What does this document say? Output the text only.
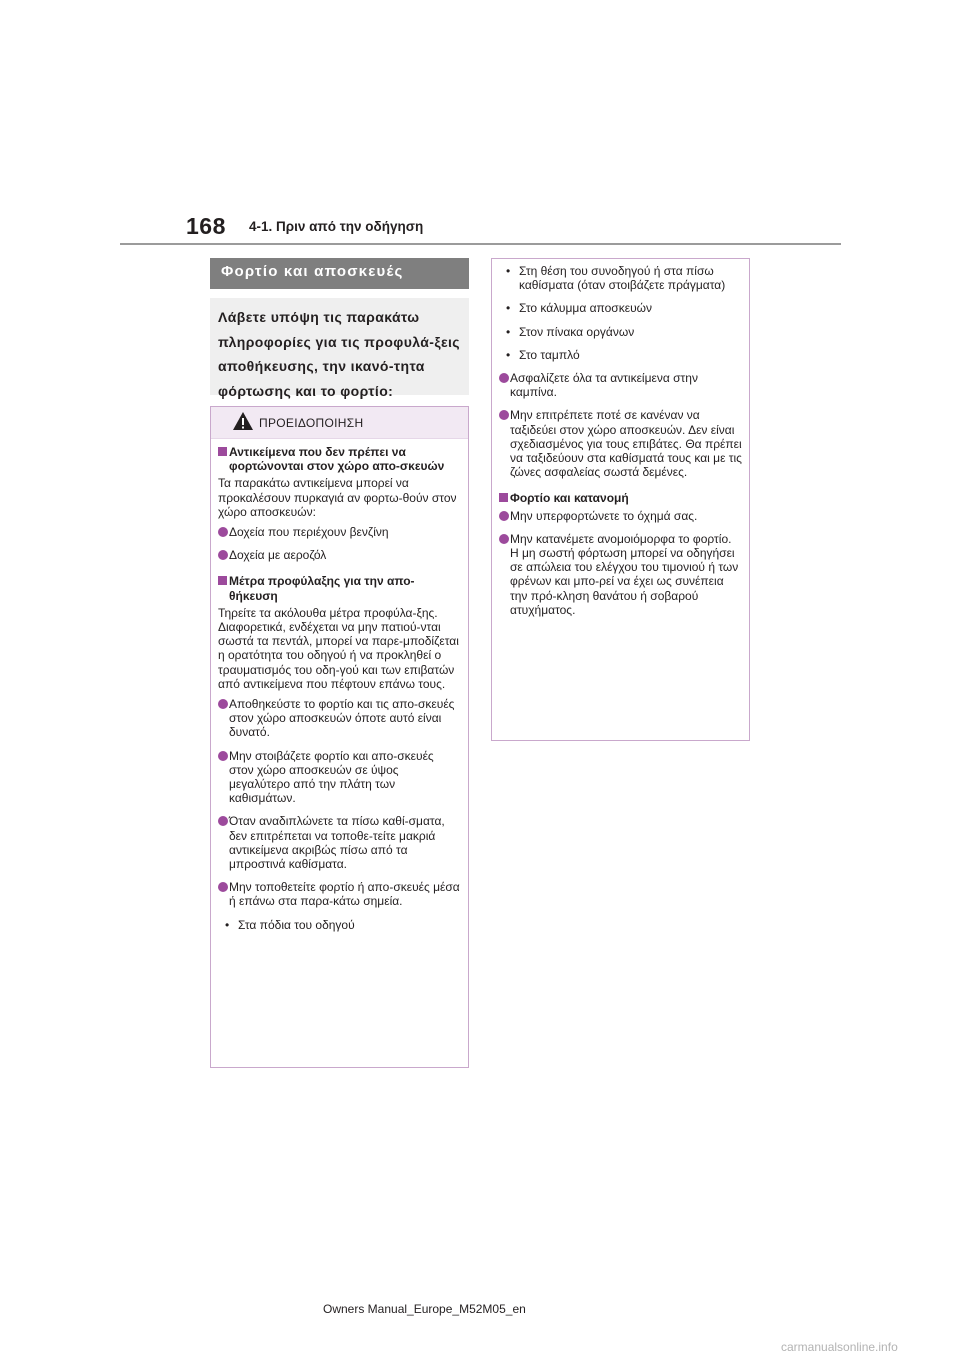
168 4-1. Πριν από την οδήγηση
Φορτίο και αποσκευές
Λάβετε υπόψη τις παρακάτω πληροφορίες για τις προφυλά-ξεις αποθήκευσης, την ικανό-τητα φόρτωσης και το φορτίο:
ΠΡΟΕΙΔΟΠΟΙΗΣΗ
Αντικείμενα που δεν πρέπει να φορτώνονται στον χώρο απο-σκευών
Τα παρακάτω αντικείμενα μπορεί να προκαλέσουν πυρκαγιά αν φορτω-θούν στον χώρο αποσκευών:
Δοχεία που περιέχουν βενζίνη
Δοχεία με αεροζόλ
Μέτρα προφύλαξης για την απο-θήκευση
Τηρείτε τα ακόλουθα μέτρα προφύλα-ξης.
Διαφορετικά, ενδέχεται να μην πατιού-νται σωστά τα πεντάλ, μπορεί να παρε-μποδίζεται η ορατότητα του οδηγού ή να προκληθεί ο τραυματισμός του οδη-γού και των επιβατών από αντικείμενα που πέφτουν επάνω τους.
Αποθηκεύστε το φορτίο και τις απο-σκευές στον χώρο αποσκευών όποτε αυτό είναι δυνατό.
Μην στοιβάζετε φορτίο και απο-σκευές στον χώρο αποσκευών σε ύψος μεγαλύτερο από την πλάτη των καθισμάτων.
Όταν αναδιπλώνετε τα πίσω καθί-σματα, δεν επιτρέπεται να τοποθε-τείτε μακριά αντικείμενα ακριβώς πίσω από τα μπροστινά καθίσματα.
Μην τοποθετείτε φορτίο ή απο-σκευές μέσα ή επάνω στα παρα-κάτω σημεία.
• Στα πόδια του οδηγού
• Στη θέση του συνοδηγού ή στα πίσω καθίσματα (όταν στοιβάζετε πράγματα)
• Στο κάλυμμα αποσκευών
• Στον πίνακα οργάνων
• Στο ταμπλό
Ασφαλίζετε όλα τα αντικείμενα στην καμπίνα.
Μην επιτρέπετε ποτέ σε κανέναν να ταξιδεύει στον χώρο αποσκευών. Δεν είναι σχεδιασμένος για τους επιβάτες. Θα πρέπει να ταξιδεύουν στα καθίσματά τους και με τις ζώνες ασφαλείας σωστά δεμένες.
Φορτίο και κατανομή
Μην υπερφορτώνετε το όχημά σας.
Μην κατανέμετε ανομοιόμορφα το φορτίο.
Η μη σωστή φόρτωση μπορεί να οδηγήσει σε απώλεια του ελέγχου του τιμονιού ή των φρένων και μπο-ρεί να έχει ως συνέπεια την πρό-κληση θανάτου ή σοβαρού ατυχήματος.
Owners Manual_Europe_M52M05_en
carmanualsonline.info
